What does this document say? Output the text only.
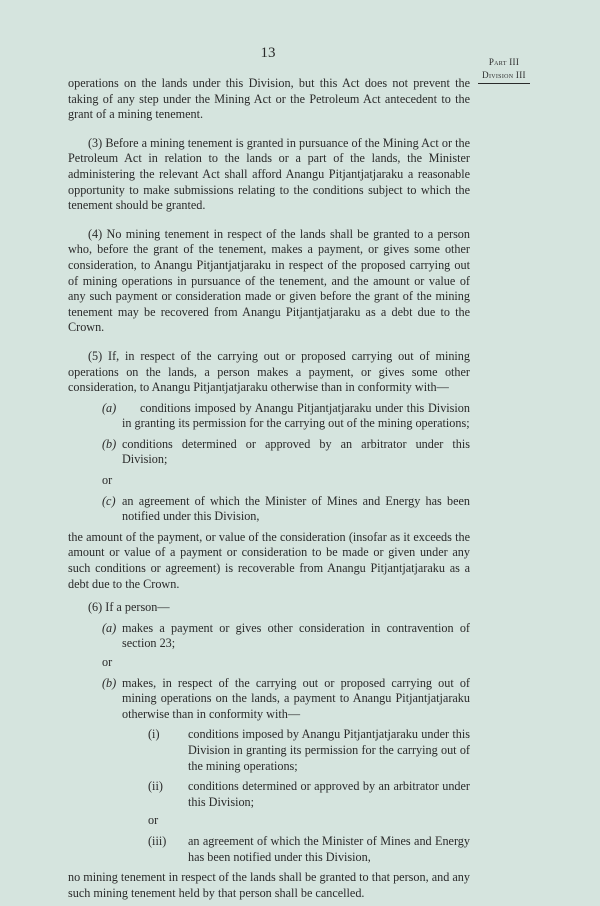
13
Part III
Division III

operations on the lands under this Division, but this Act does not prevent the taking of any step under the Mining Act or the Petroleum Act antecedent to the grant of a mining tenement.

(3) Before a mining tenement is granted in pursuance of the Mining Act or the Petroleum Act in relation to the lands or a part of the lands, the Minister administering the relevant Act shall afford Anangu Pitjantjatjaraku a reasonable opportunity to make submissions relating to the conditions subject to which the tenement should be granted.

(4) No mining tenement in respect of the lands shall be granted to a person who, before the grant of the tenement, makes a payment, or gives some other consideration, to Anangu Pitjantjatjaraku in respect of the proposed carrying out of mining operations in pursuance of the tenement, and the amount or value of any such payment or consideration made or given before the grant of the mining tenement may be recovered from Anangu Pitjantjatjaraku as a debt due to the Crown.

(5) If, in respect of the carrying out or proposed carrying out of mining operations on the lands, a person makes a payment, or gives some other consideration, to Anangu Pitjantjatjaraku otherwise than in conformity with—

(a) conditions imposed by Anangu Pitjantjatjaraku under this Division in granting its permission for the carrying out of the mining operations;
(b) conditions determined or approved by an arbitrator under this Division;
or
(c) an agreement of which the Minister of Mines and Energy has been notified under this Division,

the amount of the payment, or value of the consideration (insofar as it exceeds the amount or value of a payment or consideration to be made or given under any such conditions or agreement) is recoverable from Anangu Pitjantjatjaraku as a debt due to the Crown.

(6) If a person—

(a) makes a payment or gives other consideration in contravention of section 23;
or
(b) makes, in respect of the carrying out or proposed carrying out of mining operations on the lands, a payment to Anangu Pitjantjatjaraku otherwise than in conformity with—
(i) conditions imposed by Anangu Pitjantjatjaraku under this Division in granting its permission for the carrying out of the mining operations;
(ii) conditions determined or approved by an arbitrator under this Division;
or
(iii) an agreement of which the Minister of Mines and Energy has been notified under this Division,

no mining tenement in respect of the lands shall be granted to that person, and any such mining tenement held by that person shall be cancelled.
